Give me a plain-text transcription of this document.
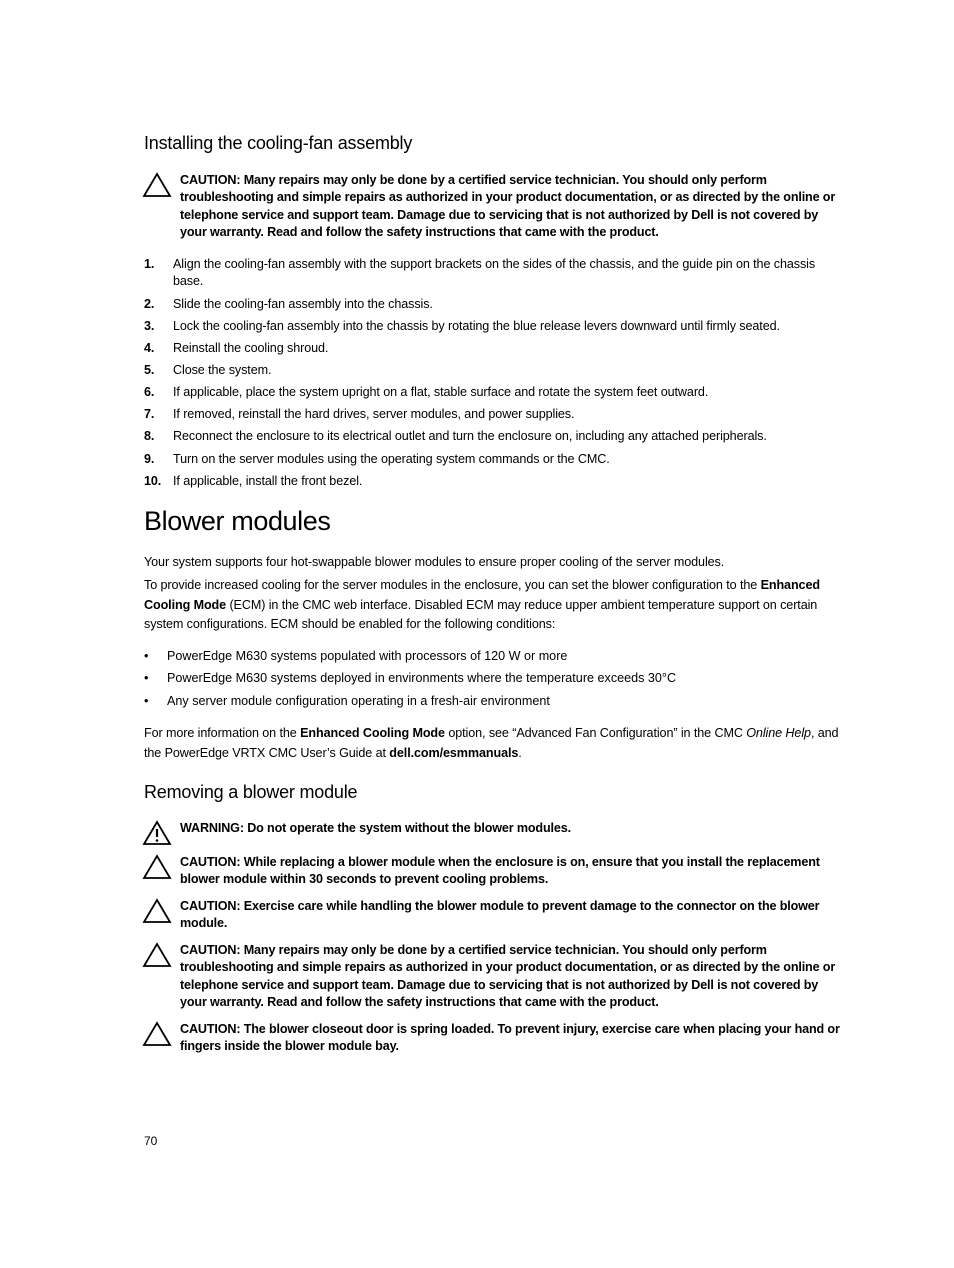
Installing the cooling-fan assembly
CAUTION: Many repairs may only be done by a certified service technician. You should only perform troubleshooting and simple repairs as authorized in your product documentation, or as directed by the online or telephone service and support team. Damage due to servicing that is not authorized by Dell is not covered by your warranty. Read and follow the safety instructions that came with the product.
1. Align the cooling-fan assembly with the support brackets on the sides of the chassis, and the guide pin on the chassis base.
2. Slide the cooling-fan assembly into the chassis.
3. Lock the cooling-fan assembly into the chassis by rotating the blue release levers downward until firmly seated.
4. Reinstall the cooling shroud.
5. Close the system.
6. If applicable, place the system upright on a flat, stable surface and rotate the system feet outward.
7. If removed, reinstall the hard drives, server modules, and power supplies.
8. Reconnect the enclosure to its electrical outlet and turn the enclosure on, including any attached peripherals.
9. Turn on the server modules using the operating system commands or the CMC.
10. If applicable, install the front bezel.
Blower modules

Your system supports four hot-swappable blower modules to ensure proper cooling of the server modules.

To provide increased cooling for the server modules in the enclosure, you can set the blower configuration to the Enhanced Cooling Mode (ECM) in the CMC web interface. Disabled ECM may reduce upper ambient temperature support on certain system configurations. ECM should be enabled for the following conditions:

• PowerEdge M630 systems populated with processors of 120 W or more
• PowerEdge M630 systems deployed in environments where the temperature exceeds 30°C
• Any server module configuration operating in a fresh-air environment

For more information on the Enhanced Cooling Mode option, see “Advanced Fan Configuration” in the CMC Online Help, and the PowerEdge VRTX CMC User’s Guide at dell.com/esmmanuals.

Removing a blower module
WARNING: Do not operate the system without the blower modules.
CAUTION: While replacing a blower module when the enclosure is on, ensure that you install the replacement blower module within 30 seconds to prevent cooling problems.
CAUTION: Exercise care while handling the blower module to prevent damage to the connector on the blower module.
CAUTION: Many repairs may only be done by a certified service technician. You should only perform troubleshooting and simple repairs as authorized in your product documentation, or as directed by the online or telephone service and support team. Damage due to servicing that is not authorized by Dell is not covered by your warranty. Read and follow the safety instructions that came with the product.
CAUTION: The blower closeout door is spring loaded. To prevent injury, exercise care when placing your hand or fingers inside the blower module bay.
70
